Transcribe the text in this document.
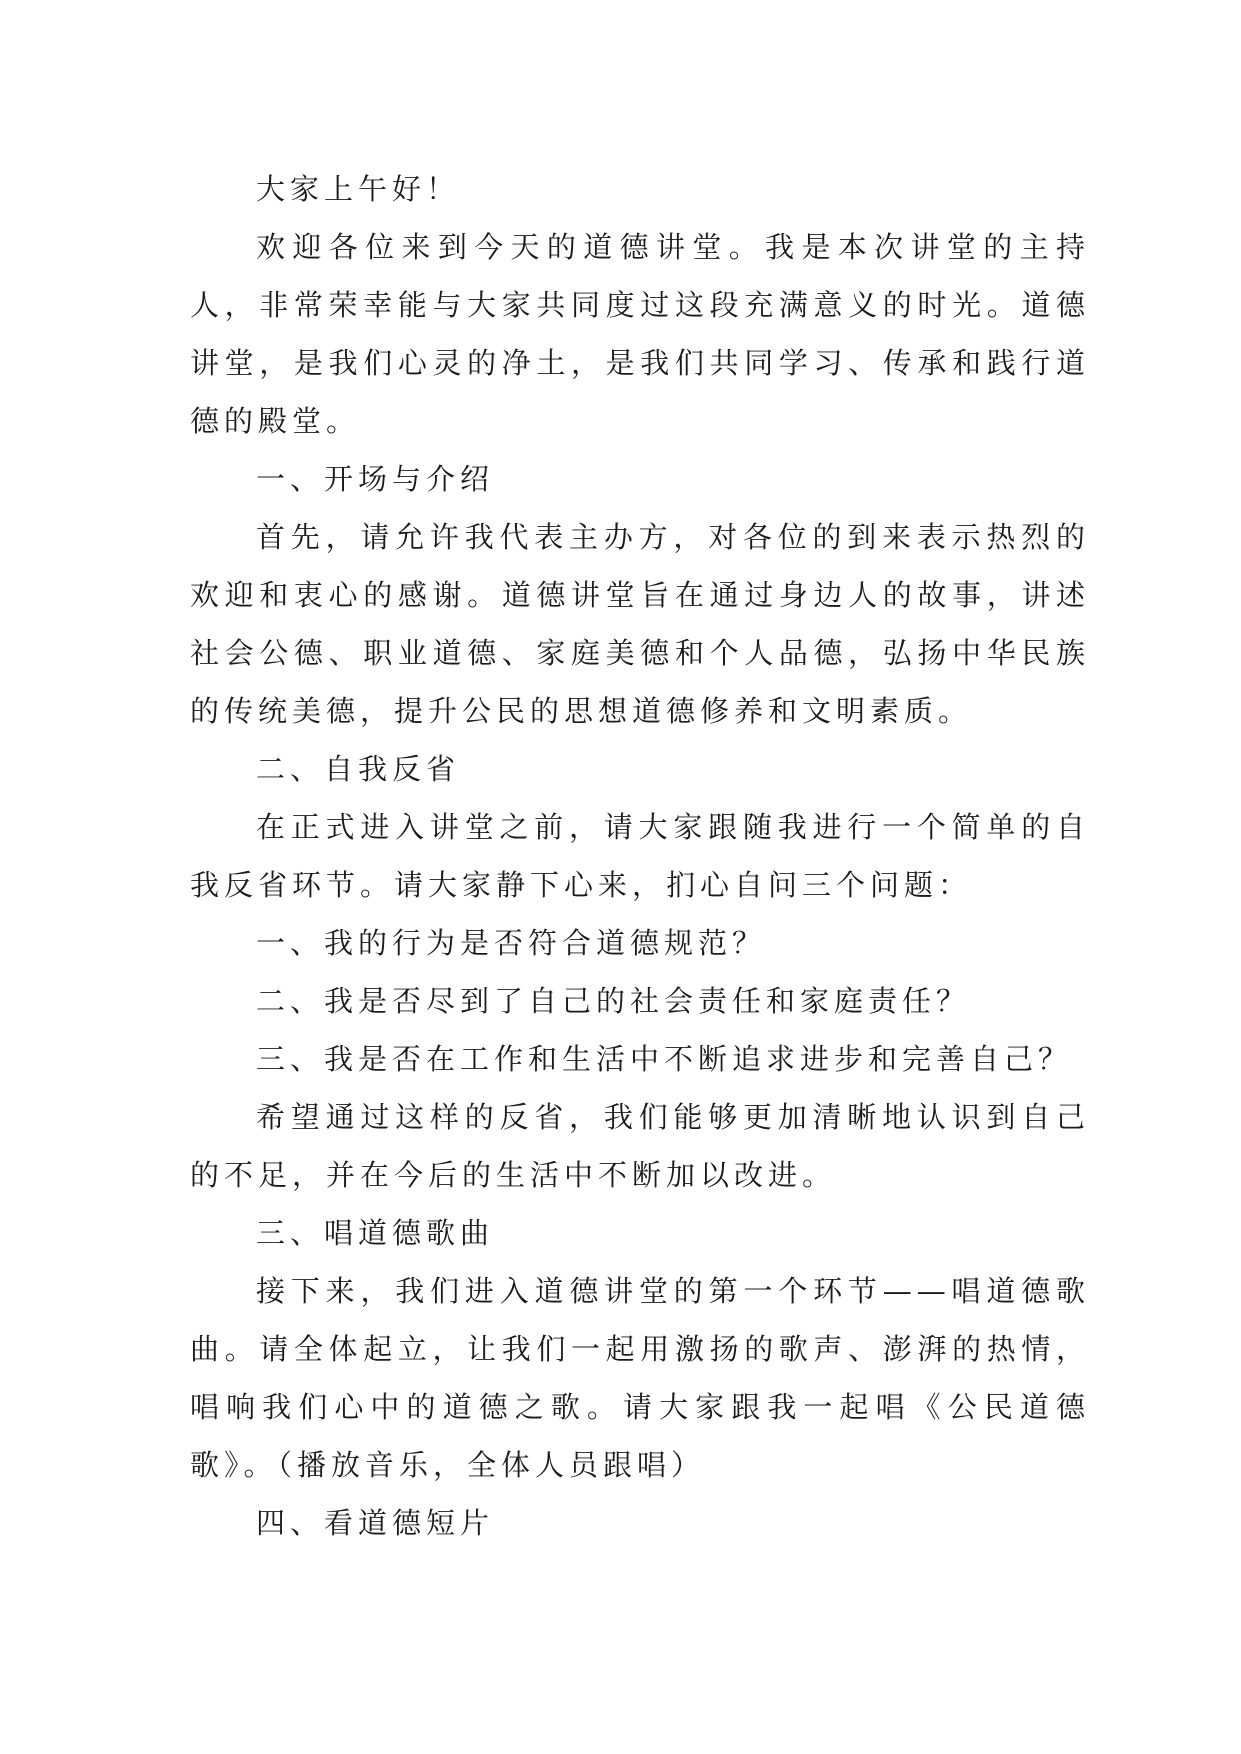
大家上午好！

欢迎各位来到今天的道德讲堂。我是本次讲堂的主持人，非常荣幸能与大家共同度过这段充满意义的时光。道德讲堂，是我们心灵的净土，是我们共同学习、传承和践行道德的殿堂。

一、开场与介绍

首先，请允许我代表主办方，对各位的到来表示热烈的欢迎和衷心的感谢。道德讲堂旨在通过身边人的故事，讲述社会公德、职业道德、家庭美德和个人品德，弘扬中华民族的传统美德，提升公民的思想道德修养和文明素质。

二、自我反省

在正式进入讲堂之前，请大家跟随我进行一个简单的自我反省环节。请大家静下心来，扪心自问三个问题：

一、我的行为是否符合道德规范？

二、我是否尽到了自己的社会责任和家庭责任？

三、我是否在工作和生活中不断追求进步和完善自己？

希望通过这样的反省，我们能够更加清晰地认识到自己的不足，并在今后的生活中不断加以改进。

三、唱道德歌曲

接下来，我们进入道德讲堂的第一个环节——唱道德歌曲。请全体起立，让我们一起用激扬的歌声、澎湃的热情，唱响我们心中的道德之歌。请大家跟我一起唱《公民道德歌》。（播放音乐，全体人员跟唱）

四、看道德短片
